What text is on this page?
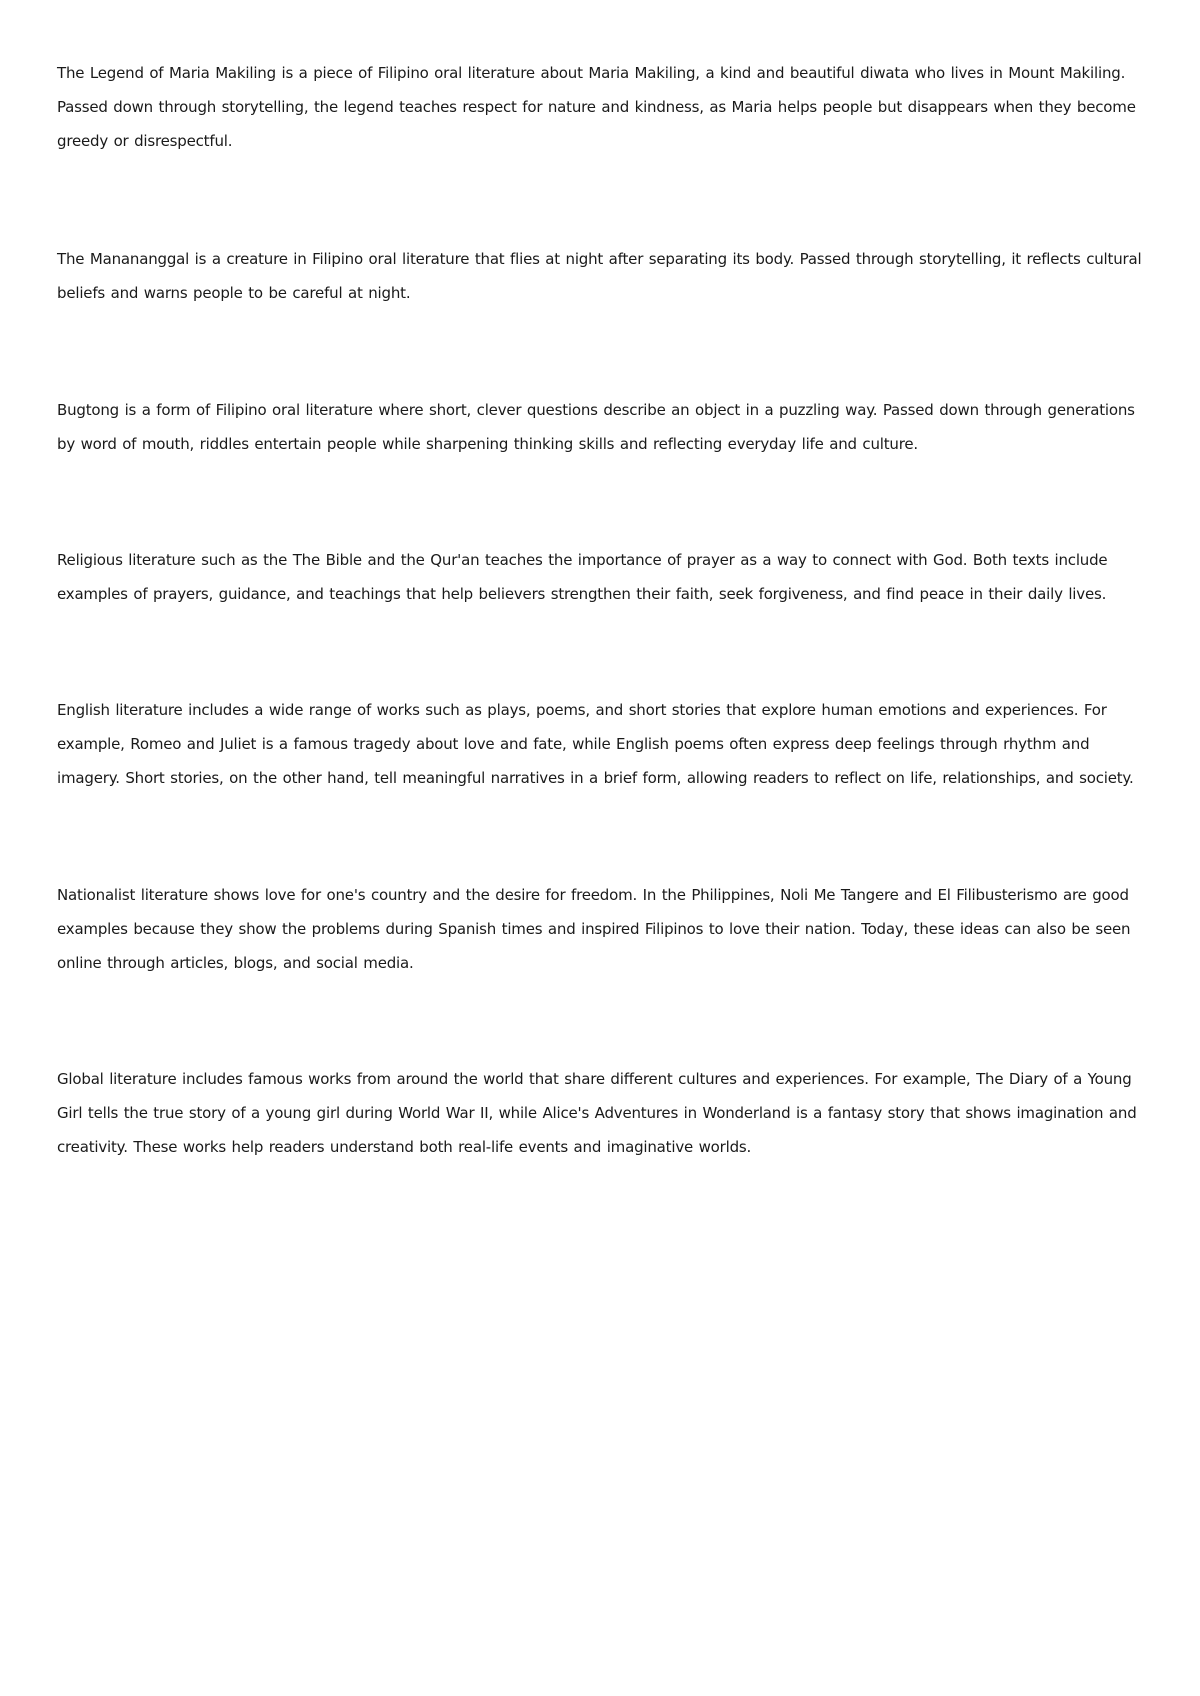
The Legend of Maria Makiling is a piece of Filipino oral literature about Maria Makiling, a kind and beautiful diwata who lives in Mount Makiling. Passed down through storytelling, the legend teaches respect for nature and kindness, as Maria helps people but disappears when they become greedy or disrespectful.

The Manananggal is a creature in Filipino oral literature that flies at night after separating its body. Passed through storytelling, it reflects cultural beliefs and warns people to be careful at night.

Bugtong is a form of Filipino oral literature where short, clever questions describe an object in a puzzling way. Passed down through generations by word of mouth, riddles entertain people while sharpening thinking skills and reflecting everyday life and culture.

Religious literature such as the The Bible and the Qur'an teaches the importance of prayer as a way to connect with God. Both texts include examples of prayers, guidance, and teachings that help believers strengthen their faith, seek forgiveness, and find peace in their daily lives.

English literature includes a wide range of works such as plays, poems, and short stories that explore human emotions and experiences. For example, Romeo and Juliet is a famous tragedy about love and fate, while English poems often express deep feelings through rhythm and imagery. Short stories, on the other hand, tell meaningful narratives in a brief form, allowing readers to reflect on life, relationships, and society.

Nationalist literature shows love for one's country and the desire for freedom. In the Philippines, Noli Me Tangere and El Filibusterismo are good examples because they show the problems during Spanish times and inspired Filipinos to love their nation. Today, these ideas can also be seen online through articles, blogs, and social media.

Global literature includes famous works from around the world that share different cultures and experiences. For example, The Diary of a Young Girl tells the true story of a young girl during World War II, while Alice's Adventures in Wonderland is a fantasy story that shows imagination and creativity. These works help readers understand both real-life events and imaginative worlds.
